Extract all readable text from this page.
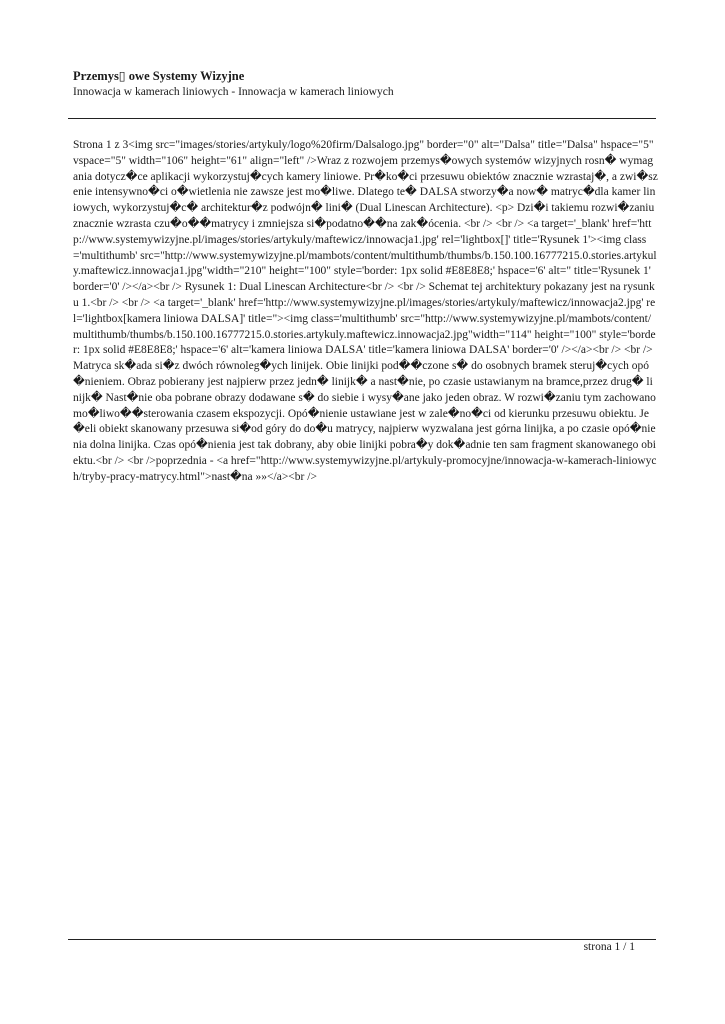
Przemys▯ owe Systemy Wizyjne
Innowacja w kamerach liniowych - Innowacja w kamerach liniowych
Strona 1 z 3<img src="images/stories/artykuly/logo%20firm/Dalsalogo.jpg" border="0" alt="Dalsa" title="Dalsa" hspace="5" vspace="5" width="106" height="61" align="left" />Wraz z rozwojem przemys�owych systemów wizyjnych rosn� wymagania dotycz�ce aplikacji wykorzystuj�cych kamery liniowe. Pr�ko�ci przesuwu obiektów znacznie wzrastaj�, a zwi�szenie intensywno�ci o�wietlenia nie zawsze jest mo�liwe. Dlatego te� DALSA stworzy�a now� matryc�dla kamer liniowych, wykorzystuj�c� architektur�z podwójn� lini� (Dual Linescan Architecture). <p> Dzi�i takiemu rozwi�zaniu znacznie wzrasta czu�o��matrycy i zmniejsza si�podatno��na zak�ócenia. <br /> <br /> <a target='_blank' href='http://www.systemywizyjne.pl/images/stories/artykuly/maftewicz/innowacja1.jpg' rel='lightbox[]' title='Rysunek 1'><img class='multithumb' src="http://www.systemywizyjne.pl/mambots/content/multithumb/thumbs/b.150.100.16777215.0.stories.artykuly.maftewicz.innowacja1.jpg"width="210" height="100" style='border: 1px solid #E8E8E8;' hspace='6' alt=" title='Rysunek 1' border='0' /></a><br /> Rysunek 1: Dual Linescan Architecture<br /> <br /> Schemat tej architektury pokazany jest na rysunku 1.<br /> <br /> <a target='_blank' href='http://www.systemywizyjne.pl/images/stories/artykuly/maftewicz/innowacja2.jpg' rel='lightbox[kamera liniowa DALSA]' title="><img class='multithumb' src="http://www.systemywizyjne.pl/mambots/content/multithumb/thumbs/b.150.100.16777215.0.stories.artykuly.maftewicz.innowacja2.jpg"width="114" height="100" style='border: 1px solid #E8E8E8;' hspace='6' alt='kamera liniowa DALSA' title='kamera liniowa DALSA' border='0' /></a><br /> <br /> Matryca sk�ada si�z dwóch równoleg�ych linijek. Obie linijki pod��czone s� do osobnych bramek steruj�cych opó�nieniem. Obraz pobierany jest najpierw przez jedn� linijk� a nast�nie, po czasie ustawianym na bramce,przez drug� linijk� Nast�nie oba pobrane obrazy dodawane s� do siebie i wysy�ane jako jeden obraz. W rozwi�zaniu tym zachowano mo�liwo��sterowania czasem ekspozycji. Opó�nienie ustawiane jest w zale�no�ci od kierunku przesuwu obiektu. Je�eli obiekt skanowany przesuwa si�od góry do do�u matrycy, najpierw wyzwalana jest górna linijka, a po czasie opó�nienia dolna linijka. Czas opó�nienia jest tak dobrany, aby obie linijki pobra�y dok�adnie ten sam fragment skanowanego obiektu.<br /> <br />poprzednia - <a href="http://www.systemywizyjne.pl/artykuly-promocyjne/innowacja-w-kamerach-liniowych/tryby-pracy-matrycy.html">nast�na »»</a><br />
strona 1 / 1
